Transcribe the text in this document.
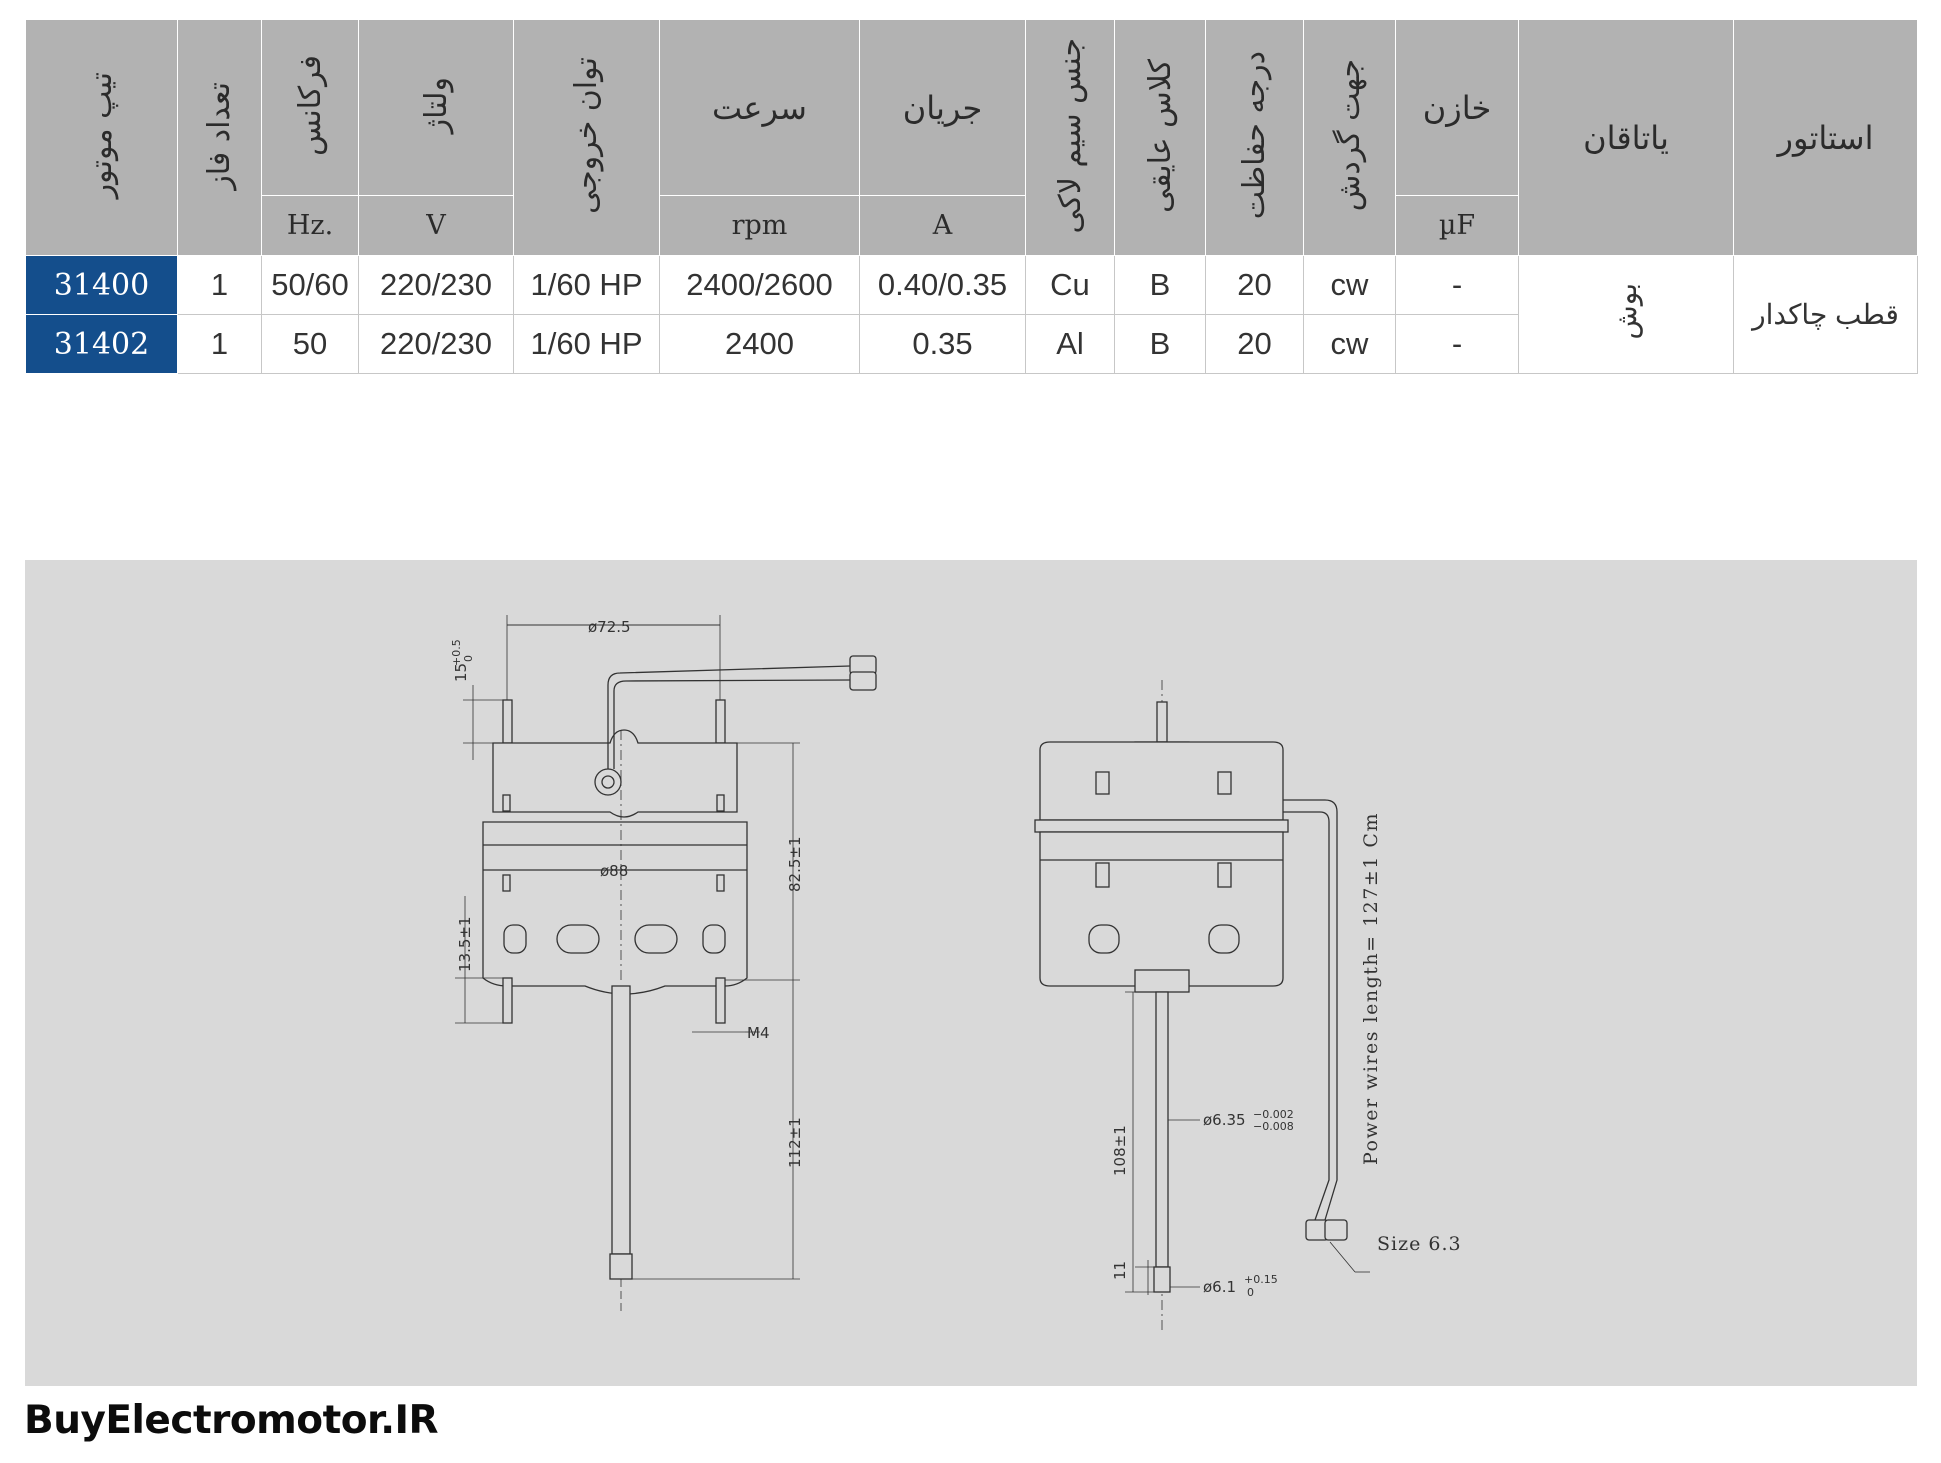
تیپ موتور	تعداد فاز	فرکانس	ولتاژ	توان خروجی	سرعت	جریان	جنس سیم لاکی	کلاس عایقی	درجه حفاظت	جهت گردش	خازن	یاتاقان	استاتور
		Hz.	V		rpm	A					µF		
31400	1	50/60	220/230	1/60 HP	2400/2600	0.40/0.35	Cu	B	20	cw	-	بوش	قطب چاکدار
31402	1	50	220/230	1/60 HP	2400	0.35	Al	B	20	cw	-		
ø72.5
15
+0.5 0
ø88	82.5±1
13.5±1
M4
112±1	108±1
ø6.35 −0.002
−0.008
11
ø6.1 +0.15
0
Power wires length= 127±1 Cm
Size 6.3
BuyElectromotor.IR
